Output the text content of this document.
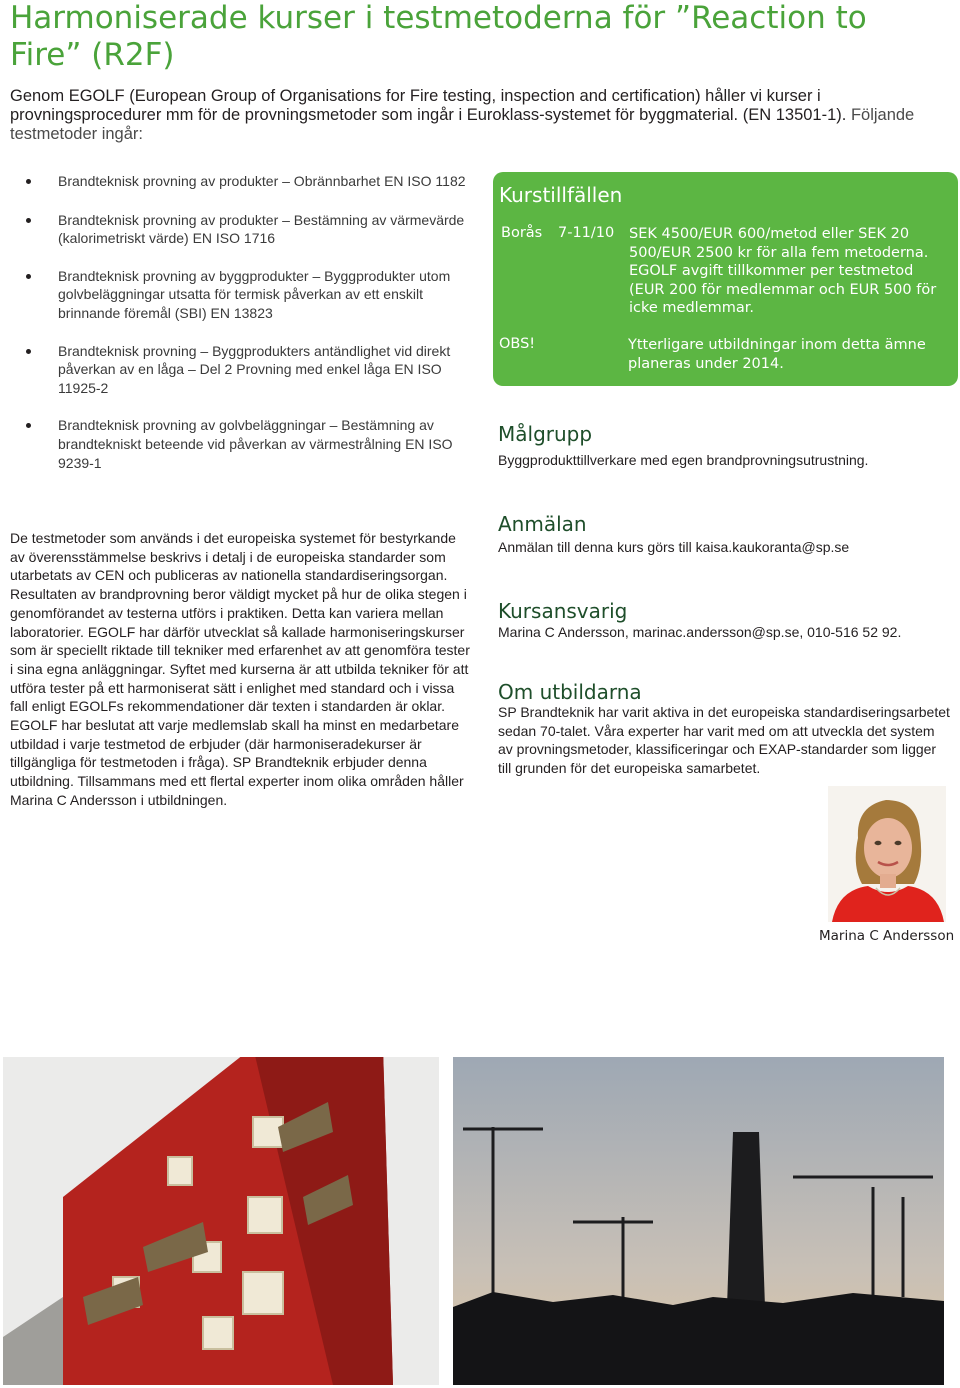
Harmoniserade kurser i testmetoderna för ”Reaction to Fire” (R2F)

Genom EGOLF (European Group of Organisations for Fire testing, inspection and certification) håller vi kurser i provningsprocedurer mm för de provningsmetoder som ingår i Euroklass-systemet för byggmaterial. (EN 13501-1). Följande testmetoder ingår:

Brandteknisk provning av produkter – Obrännbarhet EN ISO 1182
Brandteknisk provning av produkter – Bestämning av värmevärde (kalorimetriskt värde) EN ISO 1716
Brandteknisk provning av byggprodukter – Byggprodukter utom golvbeläggningar utsatta för termisk påverkan av ett enskilt brinnande föremål (SBI) EN 13823
Brandteknisk provning – Byggprodukters antändlighet vid direkt påverkan av en låga – Del 2 Provning med enkel låga EN ISO 11925-2
Brandteknisk provning av golvbeläggningar – Bestämning av brandtekniskt beteende vid påverkan av värmestrålning EN ISO 9239-1

De testmetoder som används i det europeiska systemet för bestyrkande av överensstämmelse beskrivs i detalj i de europeiska standarder som utarbetats av CEN och publiceras av nationella standardiseringsorgan. Resultaten av brandprovning beror väldigt mycket på hur de olika stegen i genomförandet av testerna utförs i praktiken. Detta kan variera mellan laboratorier. EGOLF har därför utvecklat så kallade harmoniseringskurser som är speciellt riktade till tekniker med erfarenhet av att genomföra tester i sina egna anläggningar. Syftet med kurserna är att utbilda tekniker för att utföra tester på ett harmoniserat sätt i enlighet med standard och i vissa fall enligt EGOLFs rekommendationer där texten i standarden är oklar. EGOLF har beslutat att varje medlemslab skall ha minst en medarbetare utbildad i varje testmetod de erbjuder (där harmoniseradekurser är tillgängliga för testmetoden i fråga). SP Brandteknik erbjuder denna utbildning. Tillsammans med ett flertal experter inom olika områden håller Marina C Andersson i utbildningen.

Kurstillfällen
Borås 7-11/10 SEK 4500/EUR 600/metod eller SEK 20 500/EUR 2500 kr för alla fem metoderna. EGOLF avgift tillkommer per testmetod (EUR 200 för medlemmar och EUR 500 för icke medlemmar.
OBS!	Ytterligare utbildningar inom detta ämne planeras under 2014.
Målgrupp

Byggprodukttillverkare med egen brandprovningsutrustning.

Anmälan

Anmälan till denna kurs görs till kaisa.kaukoranta@sp.se

Kursansvarig

Marina C Andersson, marinac.andersson@sp.se, 010-516 52 92.

Om utbildarna

SP Brandteknik har varit aktiva in det europeiska standardiseringsarbetet sedan 70-talet. Våra experter har varit med om att utveckla det system av provningsmetoder, klassificeringar och EXAP-standarder som ligger till grunden för det europeiska samarbetet.

Marina C Andersson
